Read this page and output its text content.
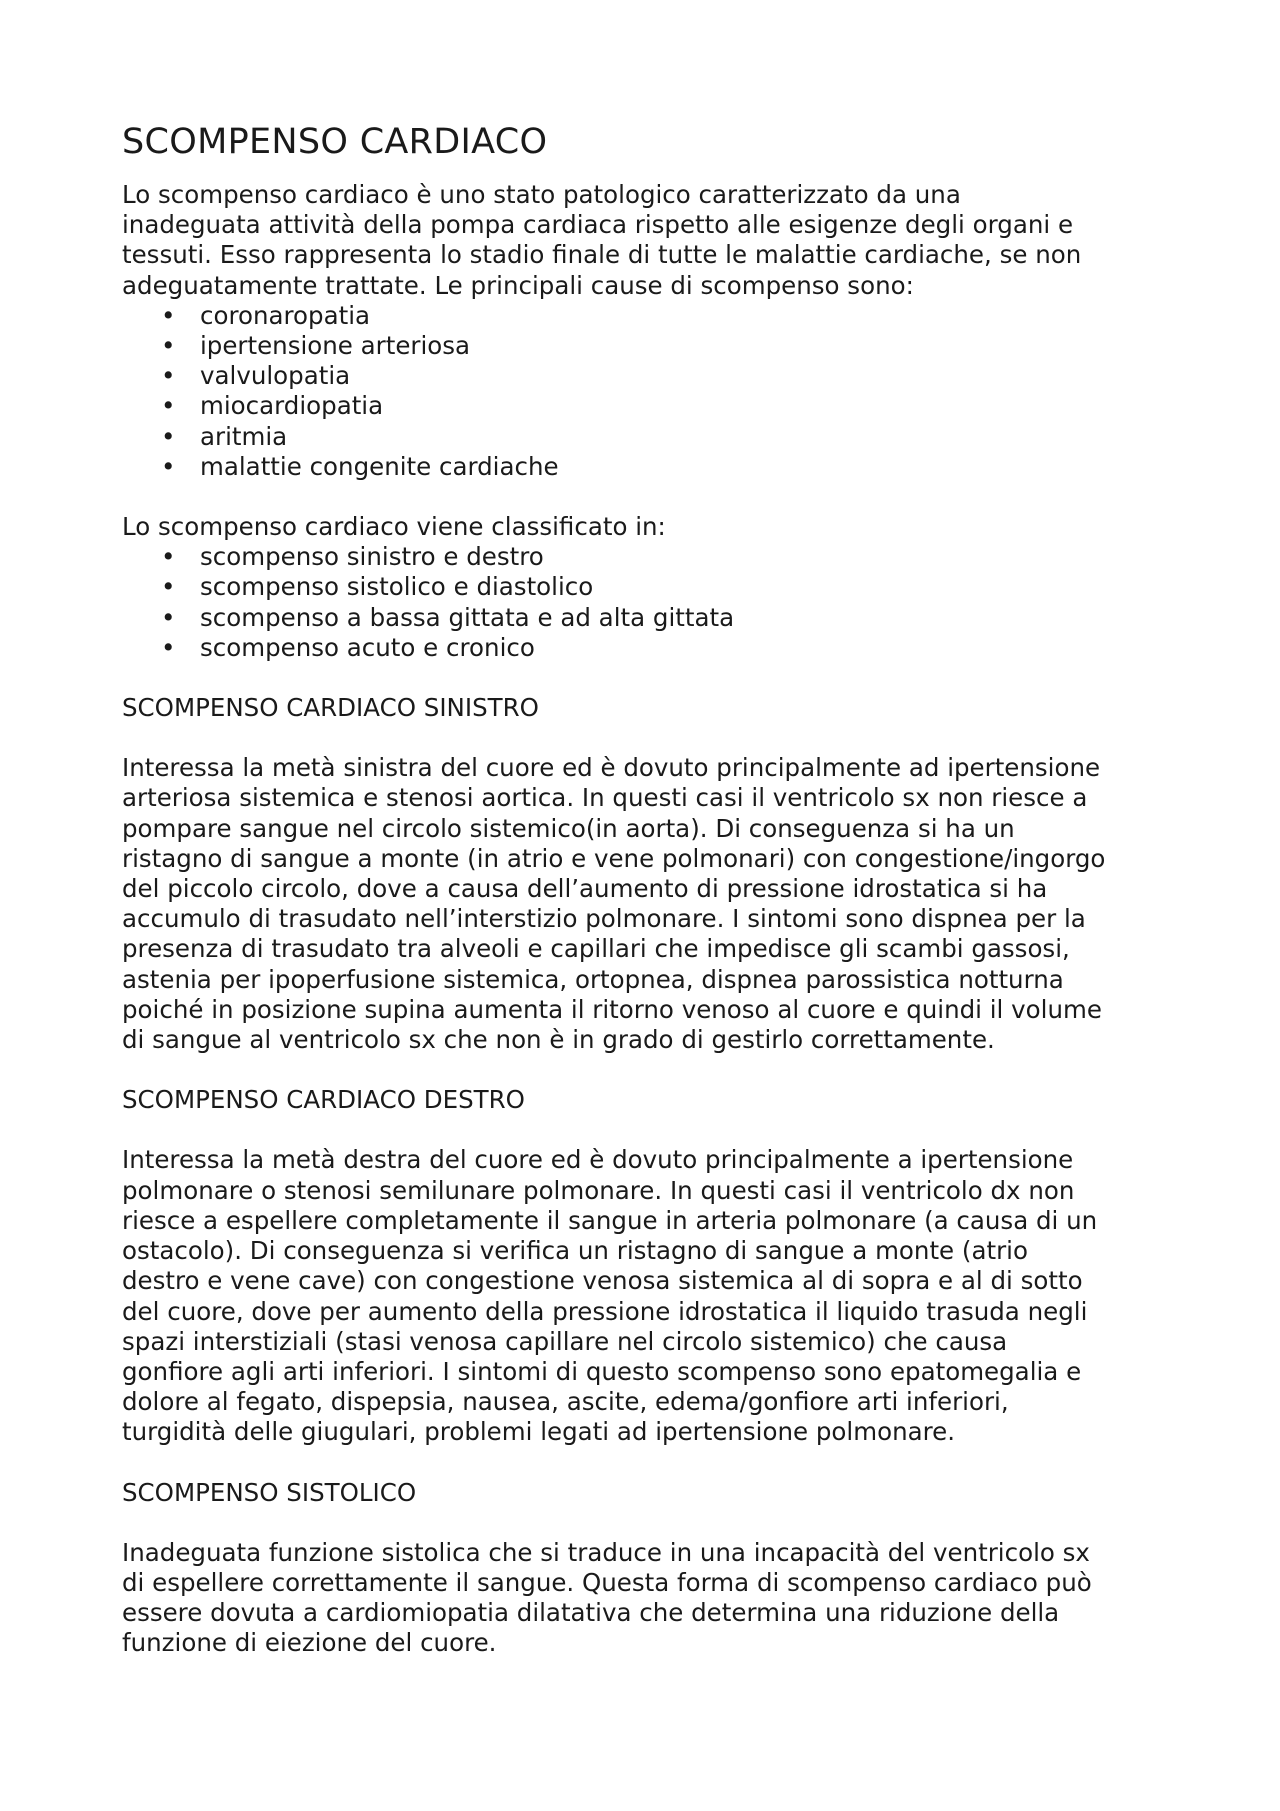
SCOMPENSO CARDIACO

Lo scompenso cardiaco è uno stato patologico caratterizzato da una
inadeguata attività della pompa cardiaca rispetto alle esigenze degli organi e
tessuti. Esso rappresenta lo stadio finale di tutte le malattie cardiache, se non
adeguatamente trattate. Le principali cause di scompenso sono:

• coronaropatia
• ipertensione arteriosa
• valvulopatia
• miocardiopatia
• aritmia
• malattie congenite cardiache

Lo scompenso cardiaco viene classificato in:

• scompenso sinistro e destro
• scompenso sistolico e diastolico
• scompenso a bassa gittata e ad alta gittata
• scompenso acuto e cronico

SCOMPENSO CARDIACO SINISTRO

Interessa la metà sinistra del cuore ed è dovuto principalmente ad ipertensione
arteriosa sistemica e stenosi aortica. In questi casi il ventricolo sx non riesce a
pompare sangue nel circolo sistemico(in aorta). Di conseguenza si ha un
ristagno di sangue a monte (in atrio e vene polmonari) con congestione/ingorgo
del piccolo circolo, dove a causa dell’aumento di pressione idrostatica si ha
accumulo di trasudato nell’interstizio polmonare. I sintomi sono dispnea per la
presenza di trasudato tra alveoli e capillari che impedisce gli scambi gassosi,
astenia per ipoperfusione sistemica, ortopnea, dispnea parossistica notturna
poiché in posizione supina aumenta il ritorno venoso al cuore e quindi il volume
di sangue al ventricolo sx che non è in grado di gestirlo correttamente.

SCOMPENSO CARDIACO DESTRO

Interessa la metà destra del cuore ed è dovuto principalmente a ipertensione
polmonare o stenosi semilunare polmonare. In questi casi il ventricolo dx non
riesce a espellere completamente il sangue in arteria polmonare (a causa di un
ostacolo). Di conseguenza si verifica un ristagno di sangue a monte (atrio
destro e vene cave) con congestione venosa sistemica al di sopra e al di sotto
del cuore, dove per aumento della pressione idrostatica il liquido trasuda negli
spazi interstiziali (stasi venosa capillare nel circolo sistemico) che causa
gonfiore agli arti inferiori. I sintomi di questo scompenso sono epatomegalia e
dolore al fegato, dispepsia, nausea, ascite, edema/gonfiore arti inferiori,
turgidità delle giugulari, problemi legati ad ipertensione polmonare.

SCOMPENSO SISTOLICO

Inadeguata funzione sistolica che si traduce in una incapacità del ventricolo sx
di espellere correttamente il sangue. Questa forma di scompenso cardiaco può
essere dovuta a cardiomiopatia dilatativa che determina una riduzione della
funzione di eiezione del cuore.
